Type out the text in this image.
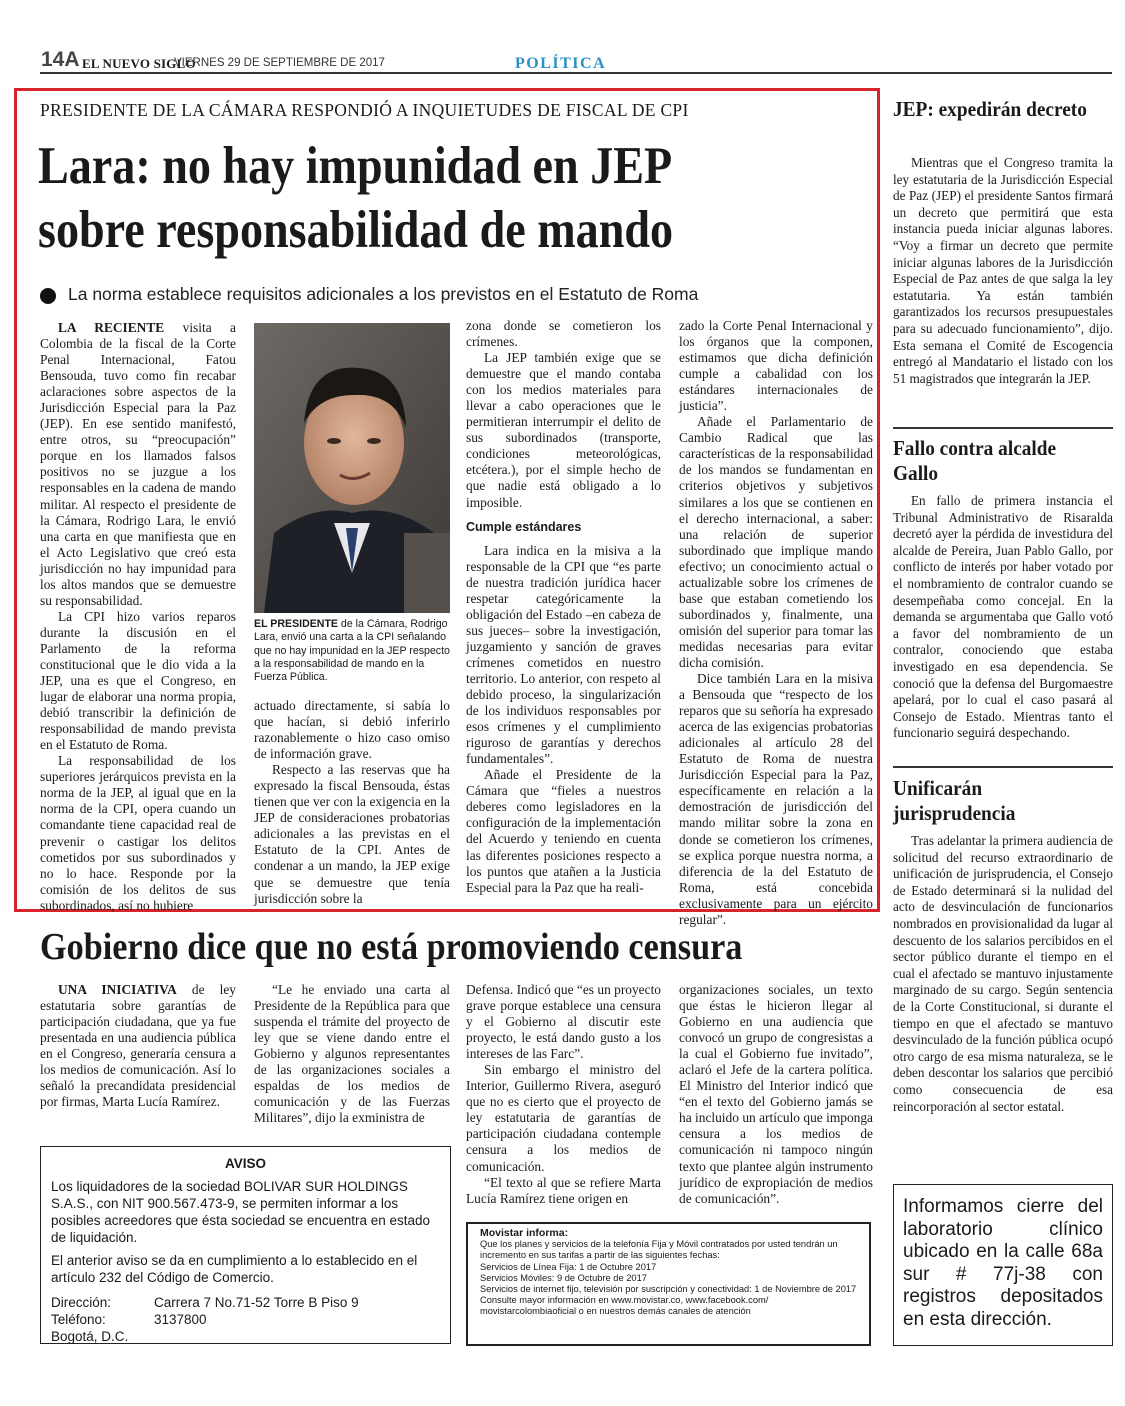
14A EL NUEVO SIGLO
VIERNES 29 DE SEPTIEMBRE DE 2017	POLÍTICA
PRESIDENTE DE LA CÁMARA RESPONDIÓ A INQUIETUDES DE FISCAL DE CPI
Lara: no hay impunidad en JEP
sobre responsabilidad de mando
La norma establece requisitos adicionales a los previstos en el Estatuto de Roma

LA RECIENTE visita a Colombia de la fiscal de la Corte Penal Internacional, Fatou Bensouda, tuvo como fin recabar aclaraciones sobre aspectos de la Jurisdicción Especial para la Paz (JEP). En ese sentido manifestó, entre otros, su “preocupación” porque en los llamados falsos positivos no se juzgue a los responsables en la cadena de mando militar. Al respecto el presidente de la Cámara, Rodrigo Lara, le envió una carta en que manifiesta que en el Acto Legislativo que creó esta jurisdicción no hay impunidad para los altos mandos que se demuestre su responsabilidad.

La CPI hizo varios reparos durante la discusión en el Parlamento de la reforma constitucional que le dio vida a la JEP, una es que el Congreso, en lugar de elaborar una norma propia, debió transcribir la definición de responsabilidad de mando prevista en el Estatuto de Roma.

La responsabilidad de los superiores jerárquicos prevista en la norma de la JEP, al igual que en la norma de la CPI, opera cuando un comandante tiene capacidad real de prevenir o castigar los delitos cometidos por sus subordinados y no lo hace. Responde por la comisión de los delitos de sus subordinados, así no hubiere

EL PRESIDENTE de la Cámara, Rodrigo Lara, envió una carta a la CPI señalando que no hay impunidad en la JEP respecto a la responsabilidad de mando en la Fuerza Pública.

actuado directamente, si sabía lo que hacían, si debió inferirlo razonablemente o hizo caso omiso de información grave.

Respecto a las reservas que ha expresado la fiscal Bensouda, éstas tienen que ver con la exigencia en la JEP de consideraciones probatorias adicionales a las previstas en el Estatuto de la CPI. Antes de condenar a un mando, la JEP exige que se demuestre que tenía jurisdicción sobre la

zona donde se cometieron los crímenes.

La JEP también exige que se demuestre que el mando contaba con los medios materiales para llevar a cabo operaciones que le permitieran interrumpir el delito de sus subordinados (transporte, condiciones meteorológicas, etcétera.), por el simple hecho de que nadie está obligado a lo imposible.

Cumple estándares

Lara indica en la misiva a la responsable de la CPI que “es parte de nuestra tradición jurídica hacer respetar categóricamente la obligación del Estado –en cabeza de sus jueces– sobre la investigación, juzgamiento y sanción de graves crímenes cometidos en nuestro territorio. Lo anterior, con respeto al debido proceso, la singularización de los individuos responsables por esos crímenes y el cumplimiento riguroso de garantías y derechos fundamentales”.

Añade el Presidente de la Cámara que “fieles a nuestros deberes como legisladores en la configuración de la implementación del Acuerdo y teniendo en cuenta las diferentes posiciones respecto a los puntos que atañen a la Justicia Especial para la Paz que ha reali-

zado la Corte Penal Internacional y los órganos que la componen, estimamos que dicha definición cumple a cabalidad con los estándares internacionales de justicia”.

Añade el Parlamentario de Cambio Radical que las características de la responsabilidad de los mandos se fundamentan en criterios objetivos y subjetivos similares a los que se contienen en el derecho internacional, a saber: una relación de superior subordinado que implique mando efectivo; un conocimiento actual o actualizable sobre los crímenes de base que estaban cometiendo los subordinados y, finalmente, una omisión del superior para tomar las medidas necesarias para evitar dicha comisión.

Dice también Lara en la misiva a Bensouda que “respecto de los reparos que su señoría ha expresado acerca de las exigencias probatorias adicionales al artículo 28 del Estatuto de Roma de nuestra Jurisdicción Especial para la Paz, específicamente en relación a la demostración de jurisdicción del mando militar sobre la zona en donde se cometieron los crímenes, se explica porque nuestra norma, a diferencia de la del Estatuto de Roma, está concebida exclusivamente para un ejército regular”.

JEP: expedirán decreto

Mientras que el Congreso tramita la ley estatutaria de la Jurisdicción Especial de Paz (JEP) el presidente Santos firmará un decreto que permitirá que esta instancia pueda iniciar algunas labores. “Voy a firmar un decreto que permite iniciar algunas labores de la Jurisdicción Especial de Paz antes de que salga la ley estatutaria. Ya están también garantizados los recursos presupuestales para su adecuado funcionamiento”, dijo. Esta semana el Comité de Escogencia entregó al Mandatario el listado con los 51 magistrados que integrarán la JEP.

Fallo contra alcalde Gallo

En fallo de primera instancia el Tribunal Administrativo de Risaralda decretó ayer la pérdida de investidura del alcalde de Pereira, Juan Pablo Gallo, por conflicto de interés por haber votado por el nombramiento de contralor cuando se desempeñaba como concejal. En la demanda se argumentaba que Gallo votó a favor del nombramiento de un contralor, conociendo que estaba investigado en esa dependencia. Se conoció que la defensa del Burgomaestre apelará, por lo cual el caso pasará al Consejo de Estado. Mientras tanto el funcionario seguirá despechando.

Unificarán jurisprudencia

Tras adelantar la primera audiencia de solicitud del recurso extraordinario de unificación de jurisprudencia, el Consejo de Estado determinará si la nulidad del acto de desvinculación de funcionarios nombrados en provisionalidad da lugar al descuento de los salarios percibidos en el sector público durante el tiempo en el cual el afectado se mantuvo injustamente marginado de su cargo. Según sentencia de la Corte Constitucional, si durante el tiempo en que el afectado se mantuvo desvinculado de la función pública ocupó otro cargo de esa misma naturaleza, se le deben descontar los salarios que percibió como consecuencia de esa reincorporación al sector estatal.

Gobierno dice que no está promoviendo censura

UNA INICIATIVA de ley estatutaria sobre garantías de participación ciudadana, que ya fue presentada en una audiencia pública en el Congreso, generaría censura a los medios de comunicación. Así lo señaló la precandidata presidencial por firmas, Marta Lucía Ramírez.

“Le he enviado una carta al Presidente de la República para que suspenda el trámite del proyecto de ley que se viene dando entre el Gobierno y algunos representantes de las organizaciones sociales a espaldas de los medios de comunicación y de las Fuerzas Militares”, dijo la exministra de

Defensa. Indicó que “es un proyecto grave porque establece una censura y el Gobierno al discutir este proyecto, le está dando gusto a los intereses de las Farc”.

Sin embargo el ministro del Interior, Guillermo Rivera, aseguró que no es cierto que el proyecto de ley estatutaria de garantías de participación ciudadana contemple censura a los medios de comunicación.

“El texto al que se refiere Marta Lucía Ramírez tiene origen en

organizaciones sociales, un texto que éstas le hicieron llegar al Gobierno en una audiencia que convocó un grupo de congresistas a la cual el Gobierno fue invitado”, aclaró el Jefe de la cartera política. El Ministro del Interior indicó que “en el texto del Gobierno jamás se ha incluido un artículo que imponga censura a los medios de comunicación ni tampoco ningún texto que plantee algún instrumento jurídico de expropiación de medios de comunicación”.

AVISO
Los liquidadores de la sociedad BOLIVAR SUR HOLDINGS S.A.S., con NIT 900.567.473-9, se permiten informar a los posibles acreedores que ésta sociedad se encuentra en estado de liquidación.
El anterior aviso se da en cumplimiento a lo establecido en el artículo 232 del Código de Comercio.
Dirección:	Carrera 7 No.71-52 Torre B Piso 9
Teléfono:	3137800
Bogotá, D.C.
Movistar informa:
Que los planes y servicios de la telefonía Fija y Móvil contratados por usted tendrán un incremento en sus tarifas a partir de las siguientes fechas:
Servicios de Línea Fija: 1 de Octubre 2017
Servicios Móviles: 9 de Octubre de 2017
Servicios de internet fijo, televisión por suscripción y conectividad: 1 de Noviembre de 2017
Consulte mayor información en www.movistar.co, www.facebook.com/ movistarcolombiaoficial o en nuestros demás canales de atención
Informamos cierre del laboratorio clínico ubicado en la calle 68a sur # 77j-38 con registros depositados en esta dirección.
